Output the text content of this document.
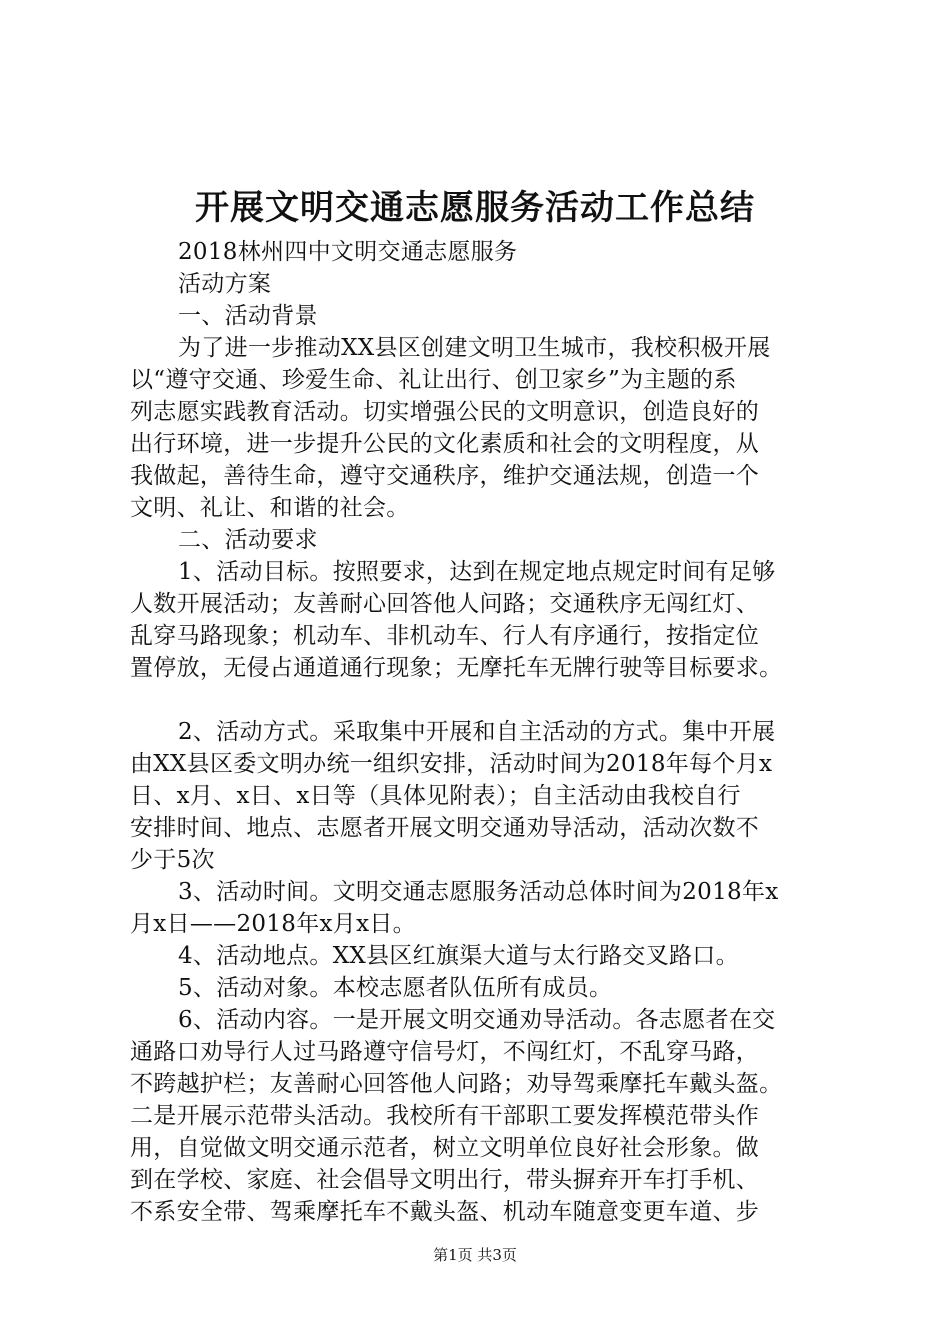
开展文明交通志愿服务活动工作总结
2018林州四中文明交通志愿服务
活动方案
一、活动背景
为了进一步推动XX县区创建文明卫生城市，我校积极开展
以“遵守交通、珍爱生命、礼让出行、创卫家乡”为主题的系
列志愿实践教育活动。切实增强公民的文明意识，创造良好的
出行环境，进一步提升公民的文化素质和社会的文明程度，从
我做起，善待生命，遵守交通秩序，维护交通法规，创造一个
文明、礼让、和谐的社会。
二、活动要求
1、活动目标。按照要求，达到在规定地点规定时间有足够
人数开展活动；友善耐心回答他人问路；交通秩序无闯红灯、
乱穿马路现象；机动车、非机动车、行人有序通行，按指定位
置停放，无侵占通道通行现象；无摩托车无牌行驶等目标要求。
2、活动方式。采取集中开展和自主活动的方式。集中开展
由XX县区委文明办统一组织安排，活动时间为2018年每个月x
日、x月、x日、x日等（具体见附表）；自主活动由我校自行
安排时间、地点、志愿者开展文明交通劝导活动，活动次数不
少于5次
3、活动时间。文明交通志愿服务活动总体时间为2018年x
月x日——2018年x月x日。
4、活动地点。XX县区红旗渠大道与太行路交叉路口。
5、活动对象。本校志愿者队伍所有成员。
6、活动内容。一是开展文明交通劝导活动。各志愿者在交
通路口劝导行人过马路遵守信号灯，不闯红灯，不乱穿马路，
不跨越护栏；友善耐心回答他人问路；劝导驾乘摩托车戴头盔。
二是开展示范带头活动。我校所有干部职工要发挥模范带头作
用，自觉做文明交通示范者，树立文明单位良好社会形象。做
到在学校、家庭、社会倡导文明出行，带头摒弃开车打手机、
不系安全带、驾乘摩托车不戴头盔、机动车随意变更车道、步
第1页 共3页
